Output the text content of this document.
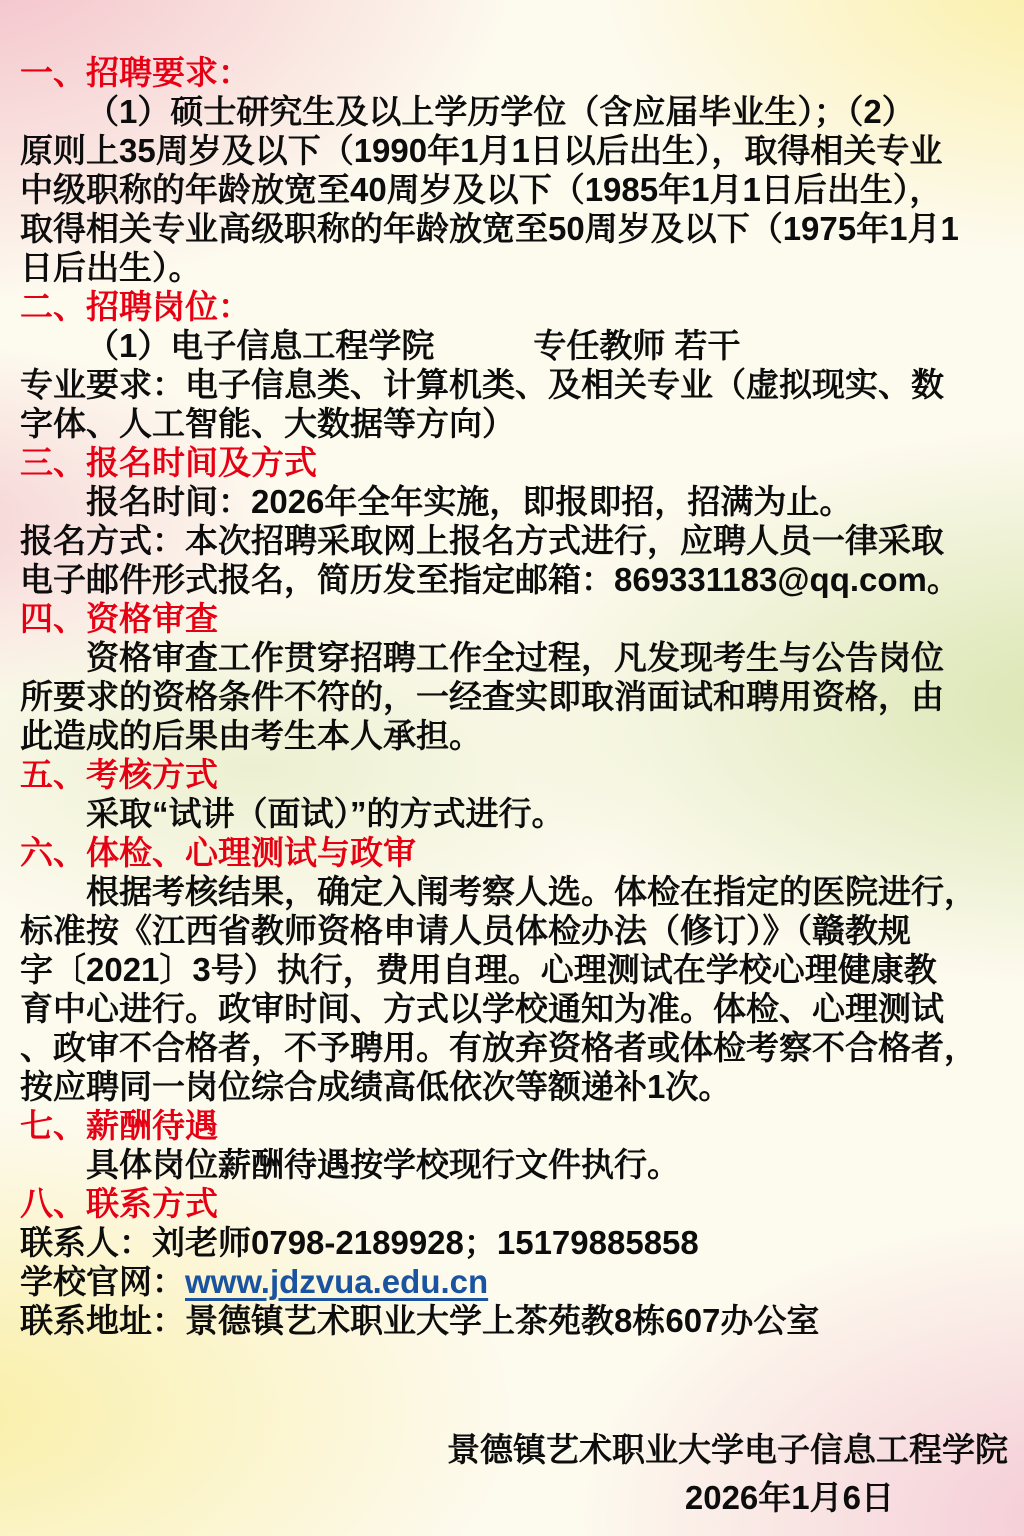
一、招聘要求：
（1）硕士研究生及以上学历学位（含应届毕业生）；（2）
原则上35周岁及以下（1990年1月1日以后出生），取得相关专业
中级职称的年龄放宽至40周岁及以下（1985年1月1日后出生），
取得相关专业高级职称的年龄放宽至50周岁及以下（1975年1月1
日后出生）。
二、招聘岗位：
（1）电子信息工程学院　　　专任教师 若干
专业要求：电子信息类、计算机类、及相关专业（虚拟现实、数
字体、人工智能、大数据等方向）
三、报名时间及方式
报名时间：2026年全年实施，即报即招，招满为止。
报名方式：本次招聘采取网上报名方式进行，应聘人员一律采取
电子邮件形式报名，简历发至指定邮箱：869331183@qq.com。
四、资格审查
资格审查工作贯穿招聘工作全过程，凡发现考生与公告岗位
所要求的资格条件不符的，一经查实即取消面试和聘用资格，由
此造成的后果由考生本人承担。
五、考核方式
采取“试讲（面试）”的方式进行。
六、体检、心理测试与政审
根据考核结果，确定入闱考察人选。体检在指定的医院进行，
标准按《江西省教师资格申请人员体检办法（修订）》（赣教规
字〔2021〕3号）执行，费用自理。心理测试在学校心理健康教
育中心进行。政审时间、方式以学校通知为准。体检、心理测试
、政审不合格者，不予聘用。有放弃资格者或体检考察不合格者，
按应聘同一岗位综合成绩高低依次等额递补1次。
七、薪酬待遇
具体岗位薪酬待遇按学校现行文件执行。
八、联系方式
联系人：刘老师0798-2189928；15179885858
学校官网：www.jdzvua.edu.cn
联系地址：景德镇艺术职业大学上茶苑教8栋607办公室
景德镇艺术职业大学电子信息工程学院
2026年1月6日
